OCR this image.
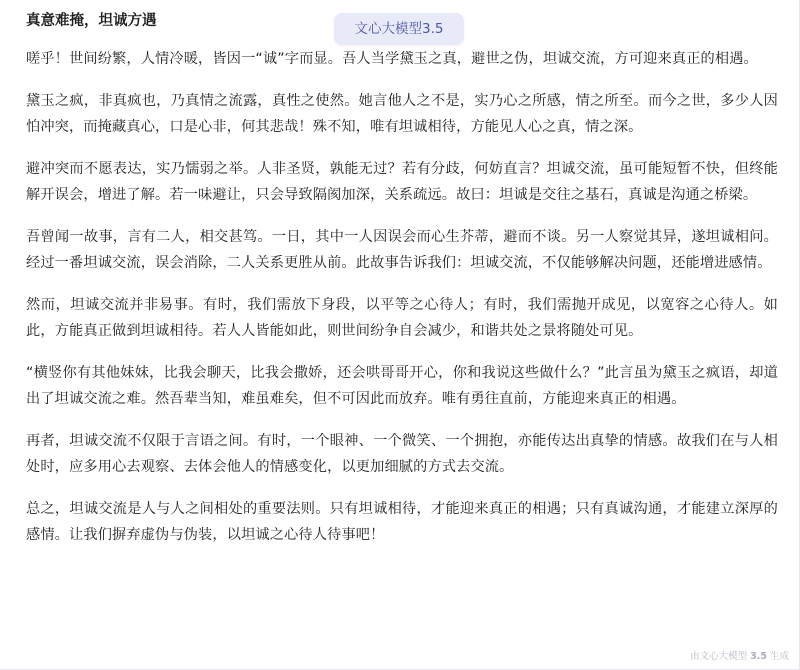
真意难掩，坦诚方遇

嗟乎！世间纷繁，人情冷暖，皆因一“诚”字而显。吾人当学黛玉之真，避世之伪，坦诚交流，方可迎来真正的相遇。

黛玉之疯，非真疯也，乃真情之流露，真性之使然。她言他人之不是，实乃心之所感，情之所至。而今之世，多少人因怕冲突，而掩藏真心，口是心非，何其悲哉！殊不知，唯有坦诚相待，方能见人心之真，情之深。

避冲突而不愿表达，实乃懦弱之举。人非圣贤，孰能无过？若有分歧，何妨直言？坦诚交流，虽可能短暂不快，但终能解开误会，增进了解。若一味避让，只会导致隔阂加深，关系疏远。故曰：坦诚是交往之基石，真诚是沟通之桥梁。

吾曾闻一故事，言有二人，相交甚笃。一日，其中一人因误会而心生芥蒂，避而不谈。另一人察觉其异，遂坦诚相问。经过一番坦诚交流，误会消除，二人关系更胜从前。此故事告诉我们：坦诚交流，不仅能够解决问题，还能增进感情。

然而，坦诚交流并非易事。有时，我们需放下身段，以平等之心待人；有时，我们需抛开成见，以宽容之心待人。如此，方能真正做到坦诚相待。若人人皆能如此，则世间纷争自会减少，和谐共处之景将随处可见。

“横竖你有其他妹妹，比我会聊天，比我会撒娇，还会哄哥哥开心，你和我说这些做什么？”此言虽为黛玉之疯语，却道出了坦诚交流之难。然吾辈当知，难虽难矣，但不可因此而放弃。唯有勇往直前，方能迎来真正的相遇。

再者，坦诚交流不仅限于言语之间。有时，一个眼神、一个微笑、一个拥抱，亦能传达出真挚的情感。故我们在与人相处时，应多用心去观察、去体会他人的情感变化，以更加细腻的方式去交流。

总之，坦诚交流是人与人之间相处的重要法则。只有坦诚相待，才能迎来真正的相遇；只有真诚沟通，才能建立深厚的感情。让我们摒弃虚伪与伪装，以坦诚之心待人待事吧！

文心大模型3.5
由文心大模型 3.5 生成
